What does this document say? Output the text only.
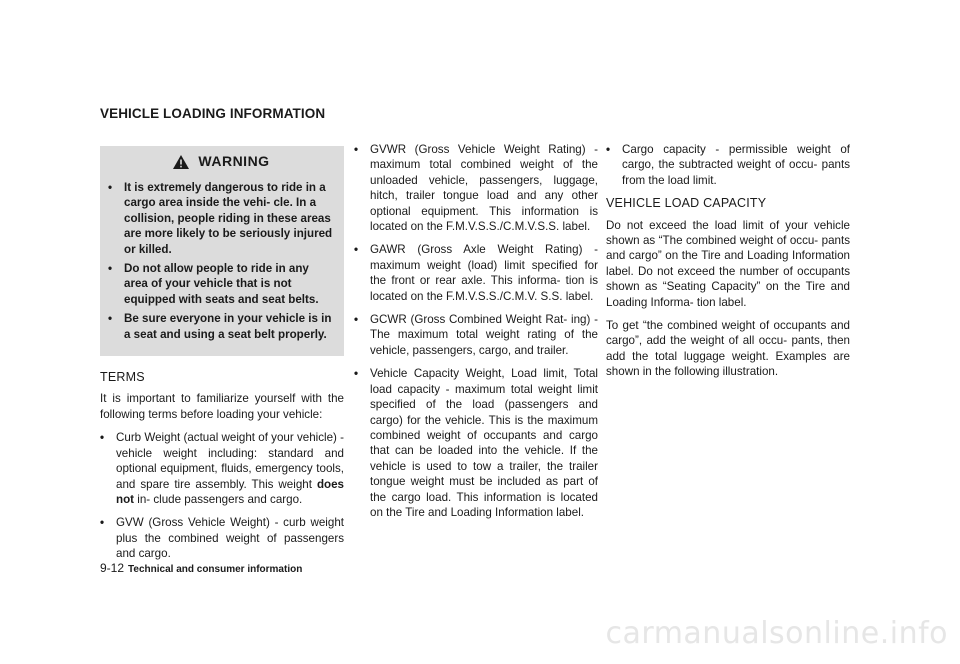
VEHICLE LOADING INFORMATION
WARNING
• It is extremely dangerous to ride in a cargo area inside the vehi- cle. In a collision, people riding in these areas are more likely to be seriously injured or killed.
• Do not allow people to ride in any area of your vehicle that is not equipped with seats and seat belts.
• Be sure everyone in your vehicle is in a seat and using a seat belt properly.
TERMS

It is important to familiarize yourself with the following terms before loading your vehicle:

• Curb Weight (actual weight of your vehicle) - vehicle weight including: standard and optional equipment, fluids, emergency tools, and spare tire assembly. This weight does not in- clude passengers and cargo.
• GVW (Gross Vehicle Weight) - curb weight plus the combined weight of passengers and cargo.
• GVWR (Gross Vehicle Weight Rating) - maximum total combined weight of the unloaded vehicle, passengers, luggage, hitch, trailer tongue load and any other optional equipment. This information is located on the F.M.V.S.S./C.M.V.S.S. label.
• GAWR (Gross Axle Weight Rating) - maximum weight (load) limit specified for the front or rear axle. This informa- tion is located on the F.M.V.S.S./C.M.V. S.S. label.
• GCWR (Gross Combined Weight Rat- ing) - The maximum total weight rating of the vehicle, passengers, cargo, and trailer.
• Vehicle Capacity Weight, Load limit, Total load capacity - maximum total weight limit specified of the load (passengers and cargo) for the vehicle. This is the maximum combined weight of occupants and cargo that can be loaded into the vehicle. If the vehicle is used to tow a trailer, the trailer tongue weight must be included as part of the cargo load. This information is located on the Tire and Loading Information label.
• Cargo capacity - permissible weight of cargo, the subtracted weight of occu- pants from the load limit.
VEHICLE LOAD CAPACITY

Do not exceed the load limit of your vehicle shown as “The combined weight of occu- pants and cargo” on the Tire and Loading Information label. Do not exceed the number of occupants shown as “Seating Capacity” on the Tire and Loading Informa- tion label.

To get “the combined weight of occupants and cargo”, add the weight of all occu- pants, then add the total luggage weight. Examples are shown in the following illustration.

9-12 Technical and consumer information
carmanualsonline.info
